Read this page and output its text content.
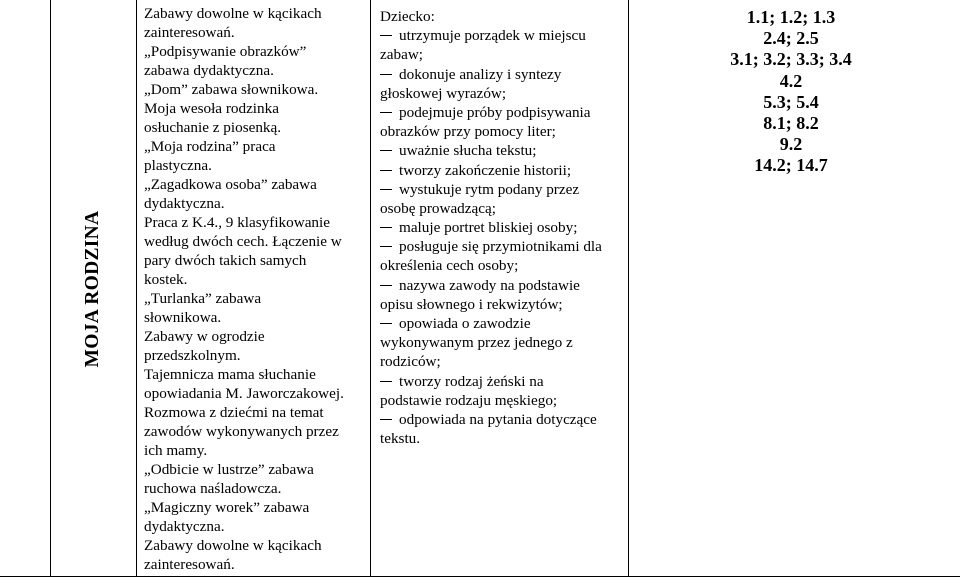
MOJA RODZINA
Zabawy dowolne w kącikach
zainteresowań.
„Podpisywanie obrazków”
zabawa dydaktyczna.
„Dom” zabawa słownikowa.
Moja wesoła rodzinka
osłuchanie z piosenką.
„Moja rodzina” praca
plastyczna.
„Zagadkowa osoba” zabawa
dydaktyczna.
Praca z K.4., 9 klasyfikowanie
według dwóch cech. Łączenie w
pary dwóch takich samych
kostek.
„Turlanka” zabawa
słownikowa.
Zabawy w ogrodzie
przedszkolnym.
Tajemnicza mama słuchanie
opowiadania M. Jaworczakowej.
Rozmowa z dziećmi na temat
zawodów wykonywanych przez
ich mamy.
„Odbicie w lustrze” zabawa
ruchowa naśladowcza.
„Magiczny worek” zabawa
dydaktyczna.
Zabawy dowolne w kącikach
zainteresowań.
Dziecko:
utrzymuje porządek w miejscu
zabaw;
dokonuje analizy i syntezy
głoskowej wyrazów;
podejmuje próby podpisywania
obrazków przy pomocy liter;
uważnie słucha tekstu;
tworzy zakończenie historii;
wystukuje rytm podany przez
osobę prowadzącą;
maluje portret bliskiej osoby;
posługuje się przymiotnikami dla
określenia cech osoby;
nazywa zawody na podstawie
opisu słownego i rekwizytów;
opowiada o zawodzie
wykonywanym przez jednego z
rodziców;
tworzy rodzaj żeński na
podstawie rodzaju męskiego;
odpowiada na pytania dotyczące
tekstu.
1.1; 1.2; 1.3
2.4; 2.5
3.1; 3.2; 3.3; 3.4
4.2
5.3; 5.4
8.1; 8.2
9.2
14.2; 14.7
